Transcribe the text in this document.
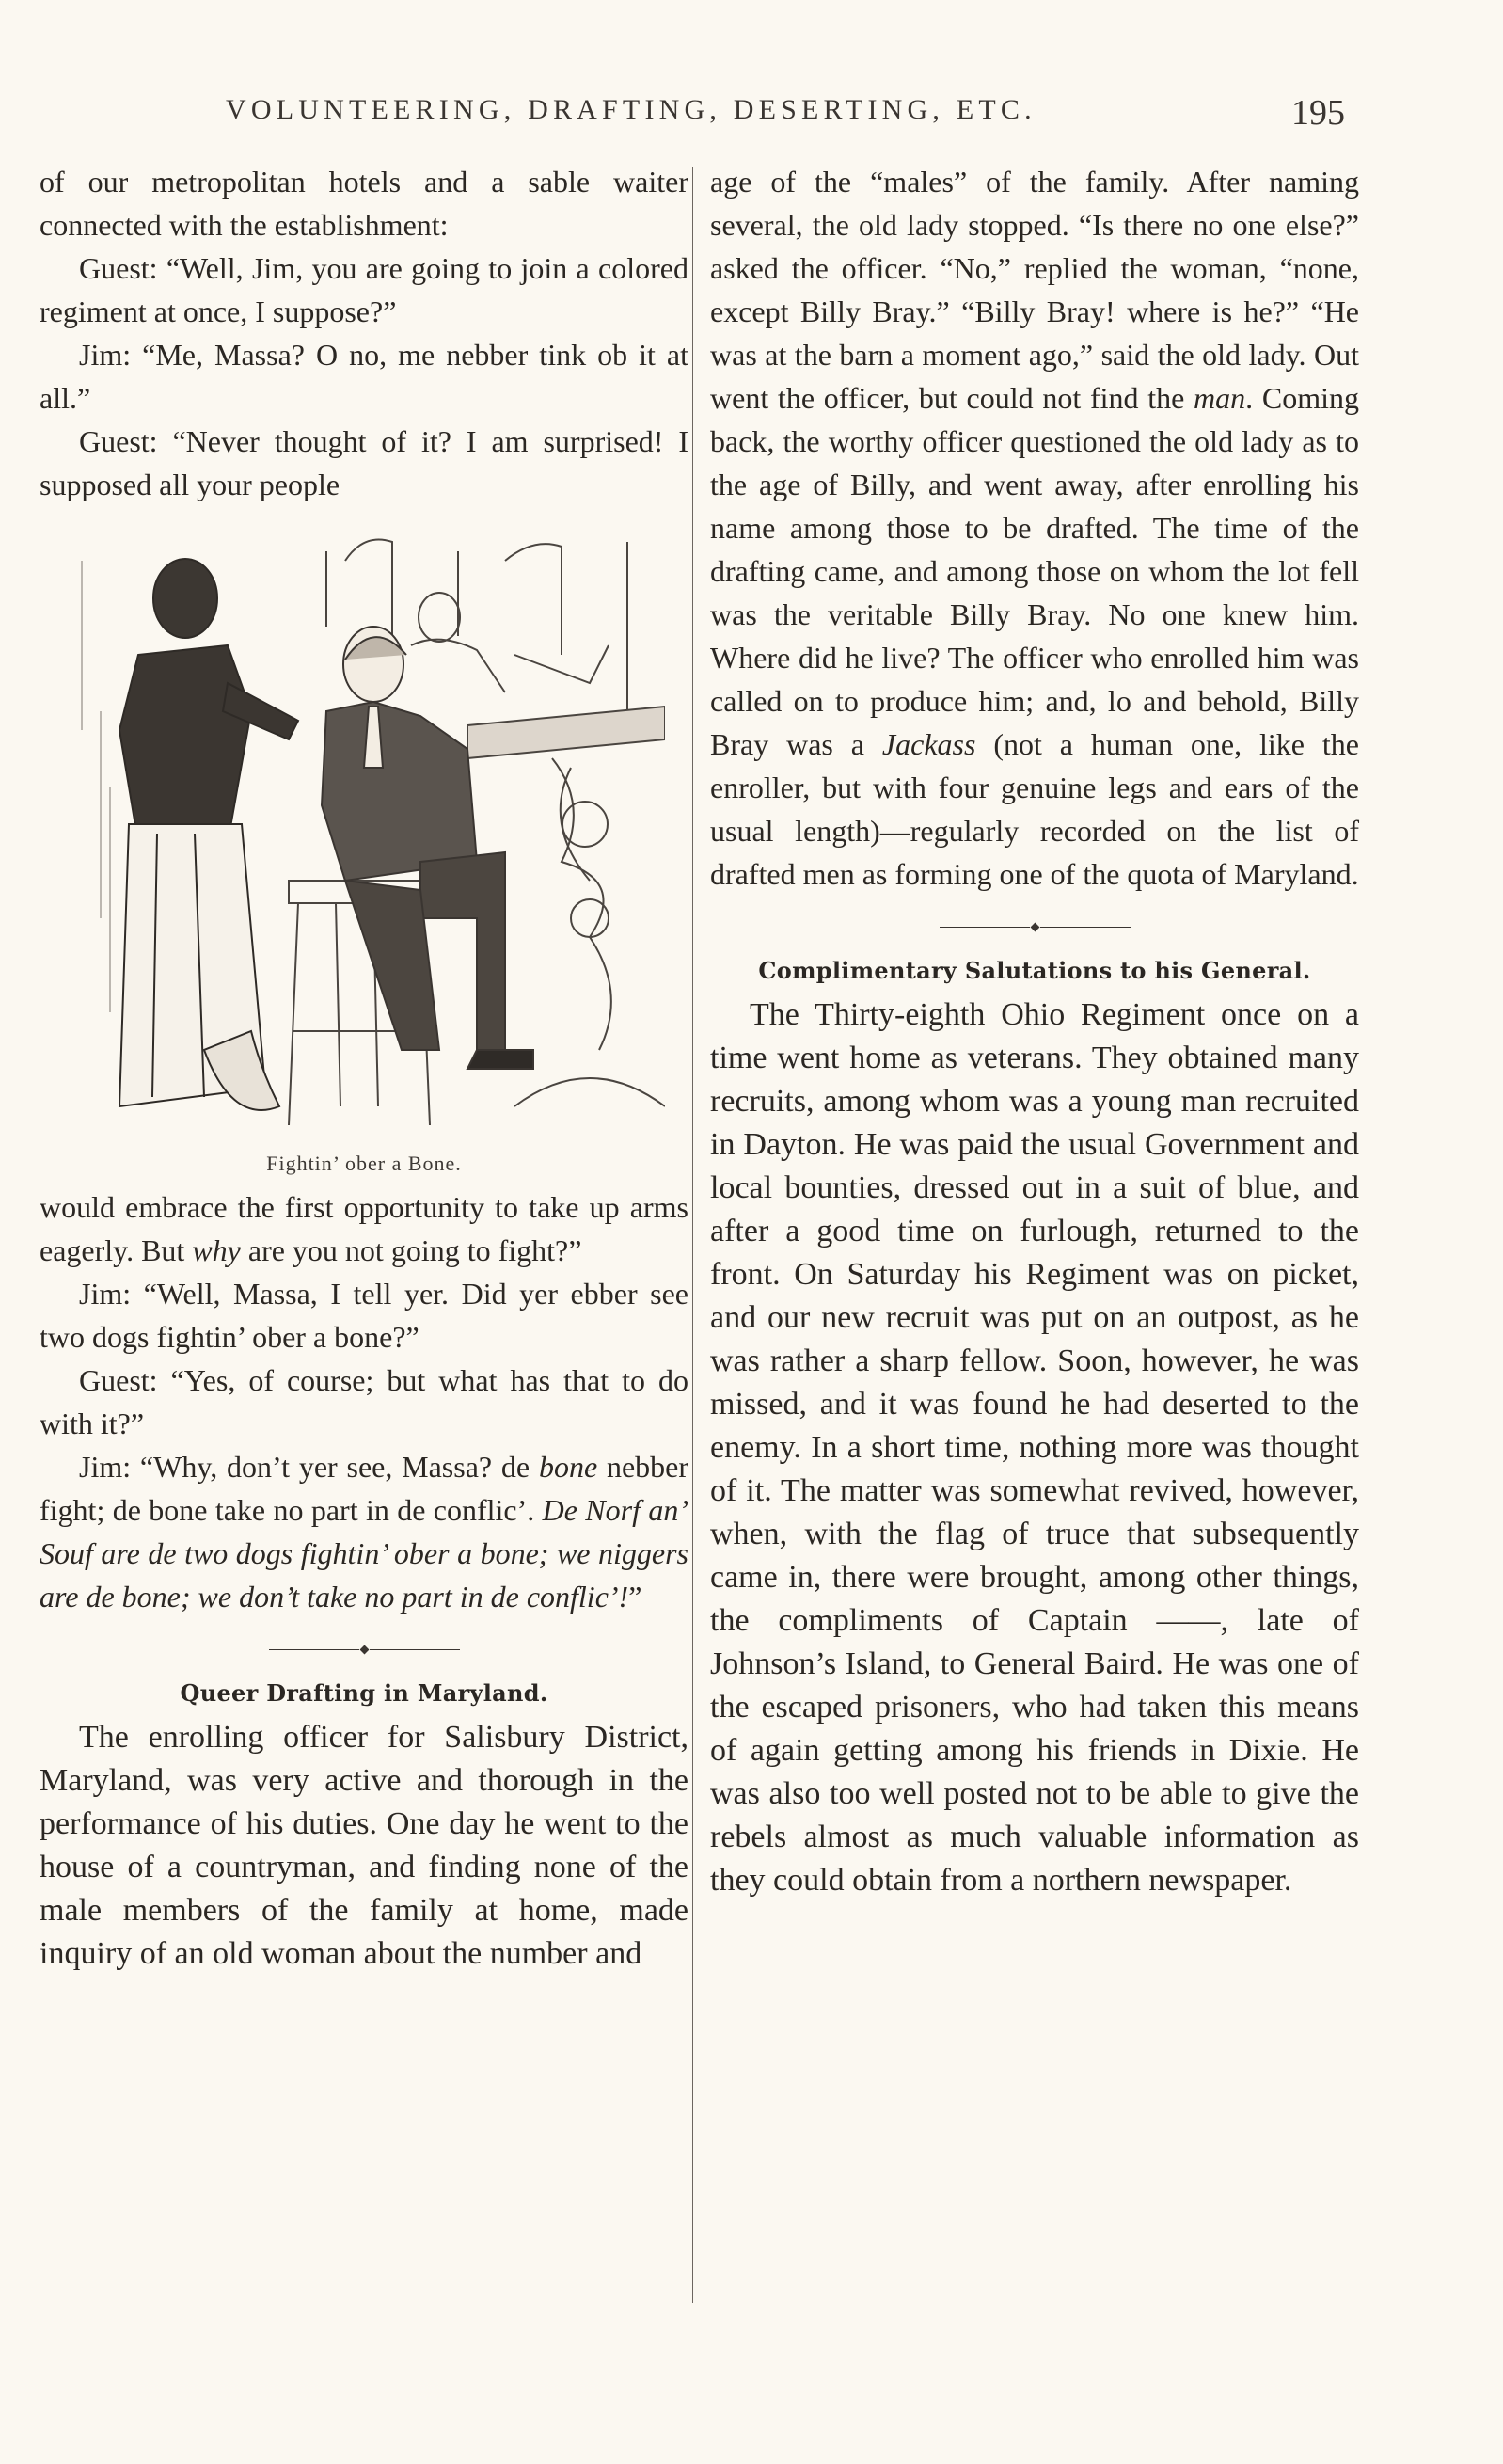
VOLUNTEERING, DRAFTING, DESERTING, ETC.	195

of our metropolitan hotels and a sable waiter connected with the establishment:

Guest: “Well, Jim, you are going to join a colored regiment at once, I suppose?”

Jim: “Me, Massa? O no, me nebber tink ob it at all.”

Guest: “Never thought of it? I am surprised! I supposed all your people

Fightin’ ober a Bone.

would embrace the first opportunity to take up arms eagerly. But why are you not going to fight?”

Jim: “Well, Massa, I tell yer. Did yer ebber see two dogs fightin’ ober a bone?”

Guest: “Yes, of course; but what has that to do with it?”

Jim: “Why, don’t yer see, Massa? de bone nebber fight; de bone take no part in de conflic’. De Norf an’ Souf are de two dogs fightin’ ober a bone; we niggers are de bone; we don’t take no part in de conflic’!”

Queer Drafting in Maryland.

The enrolling officer for Salisbury District, Maryland, was very active and thorough in the performance of his duties. One day he went to the house of a countryman, and finding none of the male members of the family at home, made inquiry of an old woman about the number and

age of the “males” of the family. After naming several, the old lady stopped. “Is there no one else?” asked the officer. “No,” replied the woman, “none, except Billy Bray.” “Billy Bray! where is he?” “He was at the barn a moment ago,” said the old lady. Out went the officer, but could not find the man. Coming back, the worthy officer questioned the old lady as to the age of Billy, and went away, after enrolling his name among those to be drafted. The time of the drafting came, and among those on whom the lot fell was the veritable Billy Bray. No one knew him. Where did he live? The officer who enrolled him was called on to produce him; and, lo and behold, Billy Bray was a Jackass (not a human one, like the enroller, but with four genuine legs and ears of the usual length)—regularly recorded on the list of drafted men as forming one of the quota of Maryland.

Complimentary Salutations to his General.

The Thirty-eighth Ohio Regiment once on a time went home as veterans. They obtained many recruits, among whom was a young man recruited in Dayton. He was paid the usual Government and local bounties, dressed out in a suit of blue, and after a good time on furlough, returned to the front. On Saturday his Regiment was on picket, and our new recruit was put on an outpost, as he was rather a sharp fellow. Soon, however, he was missed, and it was found he had deserted to the enemy. In a short time, nothing more was thought of it. The matter was somewhat revived, however, when, with the flag of truce that subsequently came in, there were brought, among other things, the compliments of Captain ——, late of Johnson’s Island, to General Baird. He was one of the escaped prisoners, who had taken this means of again getting among his friends in Dixie. He was also too well posted not to be able to give the rebels almost as much valuable information as they could obtain from a northern newspaper.
